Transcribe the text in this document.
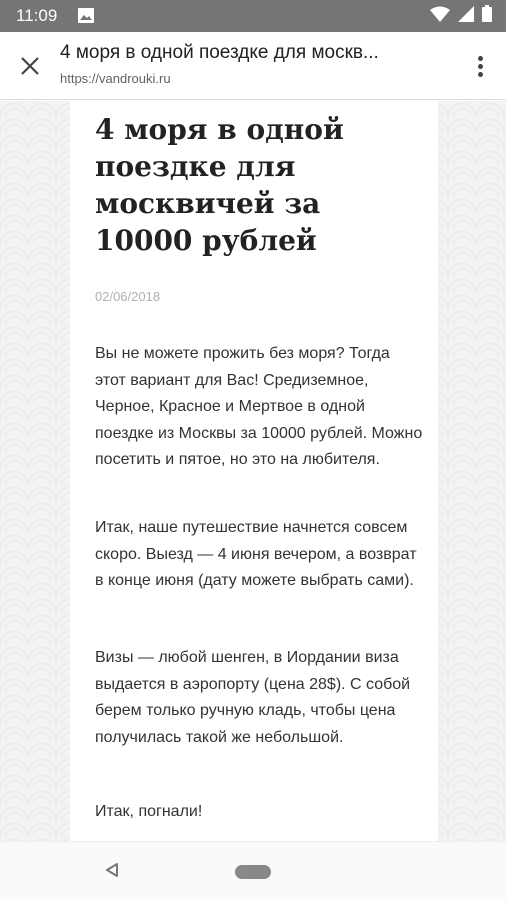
11:09
4 моря в одной поездке для москв...
https://vandrouki.ru
4 моря в одной поездке для москвичей за 10000 рублей
02/06/2018

Вы не можете прожить без моря? Тогда этот вариант для Вас! Средиземное, Черное, Красное и Мертвое в одной поездке из Москвы за 10000 рублей. Можно посетить и пятое, но это на любителя.

Итак, наше путешествие начнется совсем скоро. Выезд — 4 июня вечером, а возврат в конце июня (дату можете выбрать сами).

Визы — любой шенген, в Иордании виза выдается в аэропорту (цена 28$). С собой берем только ручную кладь, чтобы цена получилась такой же небольшой.

Итак, погнали!
